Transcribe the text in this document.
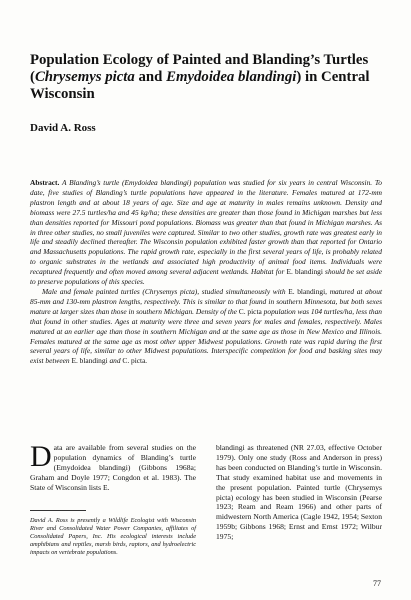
Population Ecology of Painted and Blanding’s Turtles (Chrysemys picta and Emydoidea blandingi) in Central Wisconsin

David A. Ross

Abstract. A Blanding’s turtle (Emydoidea blandingi) population was studied for six years in central Wisconsin. To date, five studies of Blanding’s turtle populations have appeared in the literature. Females matured at 172-mm plastron length and at about 18 years of age. Size and age at maturity in males remains unknown. Density and biomass were 27.5 turtles/ha and 45 kg/ha; these densities are greater than those found in Michigan marshes but less than densities reported for Missouri pond populations. Biomass was greater than that found in Michigan marshes. As in three other studies, no small juveniles were captured. Similar to two other studies, growth rate was greatest early in life and steadily declined thereafter. The Wisconsin population exhibited faster growth than that reported for Ontario and Massachusetts populations. The rapid growth rate, especially in the first several years of life, is probably related to organic substrates in the wetlands and associated high productivity of animal food items. Individuals were recaptured frequently and often moved among several adjacent wetlands. Habitat for E. blandingi should be set aside to preserve populations of this species.

Male and female painted turtles (Chrysemys picta), studied simultaneously with E. blandingi, matured at about 85-mm and 130-mm plastron lengths, respectively. This is similar to that found in southern Minnesota, but both sexes mature at larger sizes than those in southern Michigan. Density of the C. picta population was 104 turtles/ha, less than that found in other studies. Ages at maturity were three and seven years for males and females, respectively. Males matured at an earlier age than those in southern Michigan and at the same age as those in New Mexico and Illinois. Females matured at the same age as most other upper Midwest populations. Growth rate was rapid during the first several years of life, similar to other Midwest populations. Interspecific competition for food and basking sites may exist between E. blandingi and C. picta.

Data are available from several studies on the population dynamics of Blanding’s turtle (Emydoidea blandingi) (Gibbons 1968a; Graham and Doyle 1977; Congdon et al. 1983). The State of Wisconsin lists E.

blandingi as threatened (NR 27.03, effective October 1979). Only one study (Ross and Anderson in press) has been conducted on Blanding’s turtle in Wisconsin. That study examined habitat use and movements in the present population. Painted turtle (Chrysemys picta) ecology has been studied in Wisconsin (Pearse 1923; Ream and Ream 1966) and other parts of midwestern North America (Cagle 1942, 1954; Sexton 1959b; Gibbons 1968; Ernst and Ernst 1972; Wilbur 1975;

David A. Ross is presently a Wildlife Ecologist with Wisconsin River and Consolidated Water Power Companies, affiliates of Consolidated Papers, Inc. His ecological interests include amphibians and reptiles, marsh birds, raptors, and hydroelectric impacts on vertebrate populations.
77
